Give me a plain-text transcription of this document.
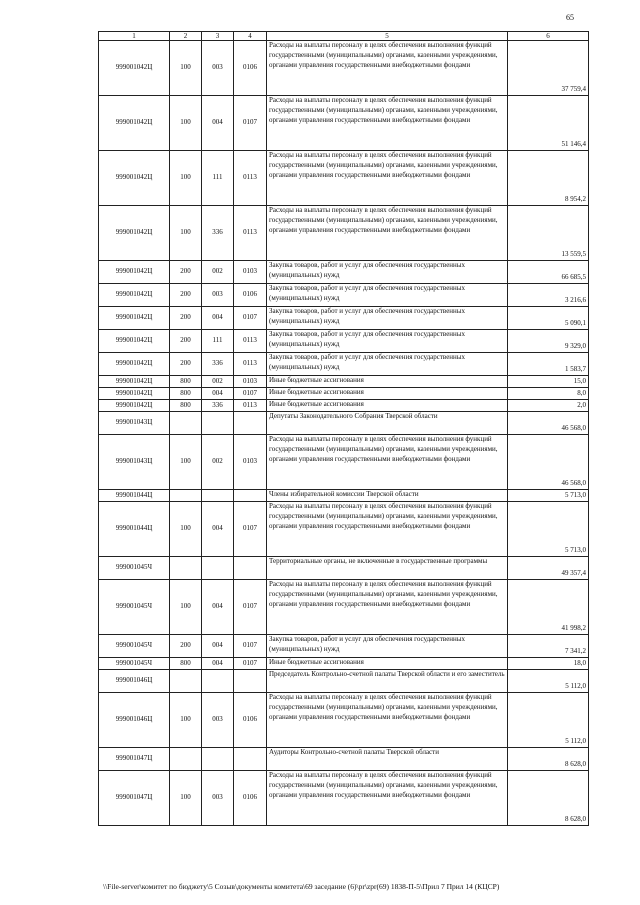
65
1	2	3	4	5	6
999001042Ц	100	003	0106	Расходы на выплаты персоналу в целях обеспечения выполнения функций государственными (муниципальными) органами, казенными учреждениями, органами управления государственными внебюджетными фондами	37 759,4
999001042Ц	100	004	0107	Расходы на выплаты персоналу в целях обеспечения выполнения функций государственными (муниципальными) органами, казенными учреждениями, органами управления государственными внебюджетными фондами	51 146,4
999001042Ц	100	111	0113	Расходы на выплаты персоналу в целях обеспечения выполнения функций государственными (муниципальными) органами, казенными учреждениями, органами управления государственными внебюджетными фондами	8 954,2
999001042Ц	100	336	0113	Расходы на выплаты персоналу в целях обеспечения выполнения функций государственными (муниципальными) органами, казенными учреждениями, органами управления государственными внебюджетными фондами	13 559,5
999001042Ц	200	002	0103	Закупка товаров, работ и услуг для обеспечения государственных (муниципальных) нужд	66 685,5
999001042Ц	200	003	0106	Закупка товаров, работ и услуг для обеспечения государственных (муниципальных) нужд	3 216,6
999001042Ц	200	004	0107	Закупка товаров, работ и услуг для обеспечения государственных (муниципальных) нужд	5 090,1
999001042Ц	200	111	0113	Закупка товаров, работ и услуг для обеспечения государственных (муниципальных) нужд	9 329,0
999001042Ц	200	336	0113	Закупка товаров, работ и услуг для обеспечения государственных (муниципальных) нужд	1 583,7
999001042Ц	800	002	0103	Иные бюджетные ассигнования	15,0
999001042Ц	800	004	0107	Иные бюджетные ассигнования	8,0
999001042Ц	800	336	0113	Иные бюджетные ассигнования	2,0
999001043Ц				Депутаты Законодательного Собрания Тверской области	46 568,0
999001043Ц	100	002	0103	Расходы на выплаты персоналу в целях обеспечения выполнения функций государственными (муниципальными) органами, казенными учреждениями, органами управления государственными внебюджетными фондами	46 568,0
999001044Ц				Члены избирательной комиссии Тверской области	5 713,0
999001044Ц	100	004	0107	Расходы на выплаты персоналу в целях обеспечения выполнения функций государственными (муниципальными) органами, казенными учреждениями, органами управления государственными внебюджетными фондами	5 713,0
999001045Ч				Территориальные органы, не включенные в государственные программы	49 357,4
999001045Ч	100	004	0107	Расходы на выплаты персоналу в целях обеспечения выполнения функций государственными (муниципальными) органами, казенными учреждениями, органами управления государственными внебюджетными фондами	41 998,2
999001045Ч	200	004	0107	Закупка товаров, работ и услуг для обеспечения государственных (муниципальных) нужд	7 341,2
999001045Ч	800	004	0107	Иные бюджетные ассигнования	18,0
999001046Ц				Председатель Контрольно-счетной палаты Тверской области и его заместитель	5 112,0
999001046Ц	100	003	0106	Расходы на выплаты персоналу в целях обеспечения выполнения функций государственными (муниципальными) органами, казенными учреждениями, органами управления государственными внебюджетными фондами	5 112,0
999001047Ц				Аудиторы Контрольно-счетной палаты Тверской области	8 628,0
999001047Ц	100	003	0106	Расходы на выплаты персоналу в целях обеспечения выполнения функций государственными (муниципальными) органами, казенными учреждениями, органами управления государственными внебюджетными фондами	8 628,0
\\File-server\комитет по бюджету\5 Созыв\документы комитета\69 заседание (6)\pr\zpr(69) 1838-П-5\Прил 7 Прил 14 (КЦСР)
